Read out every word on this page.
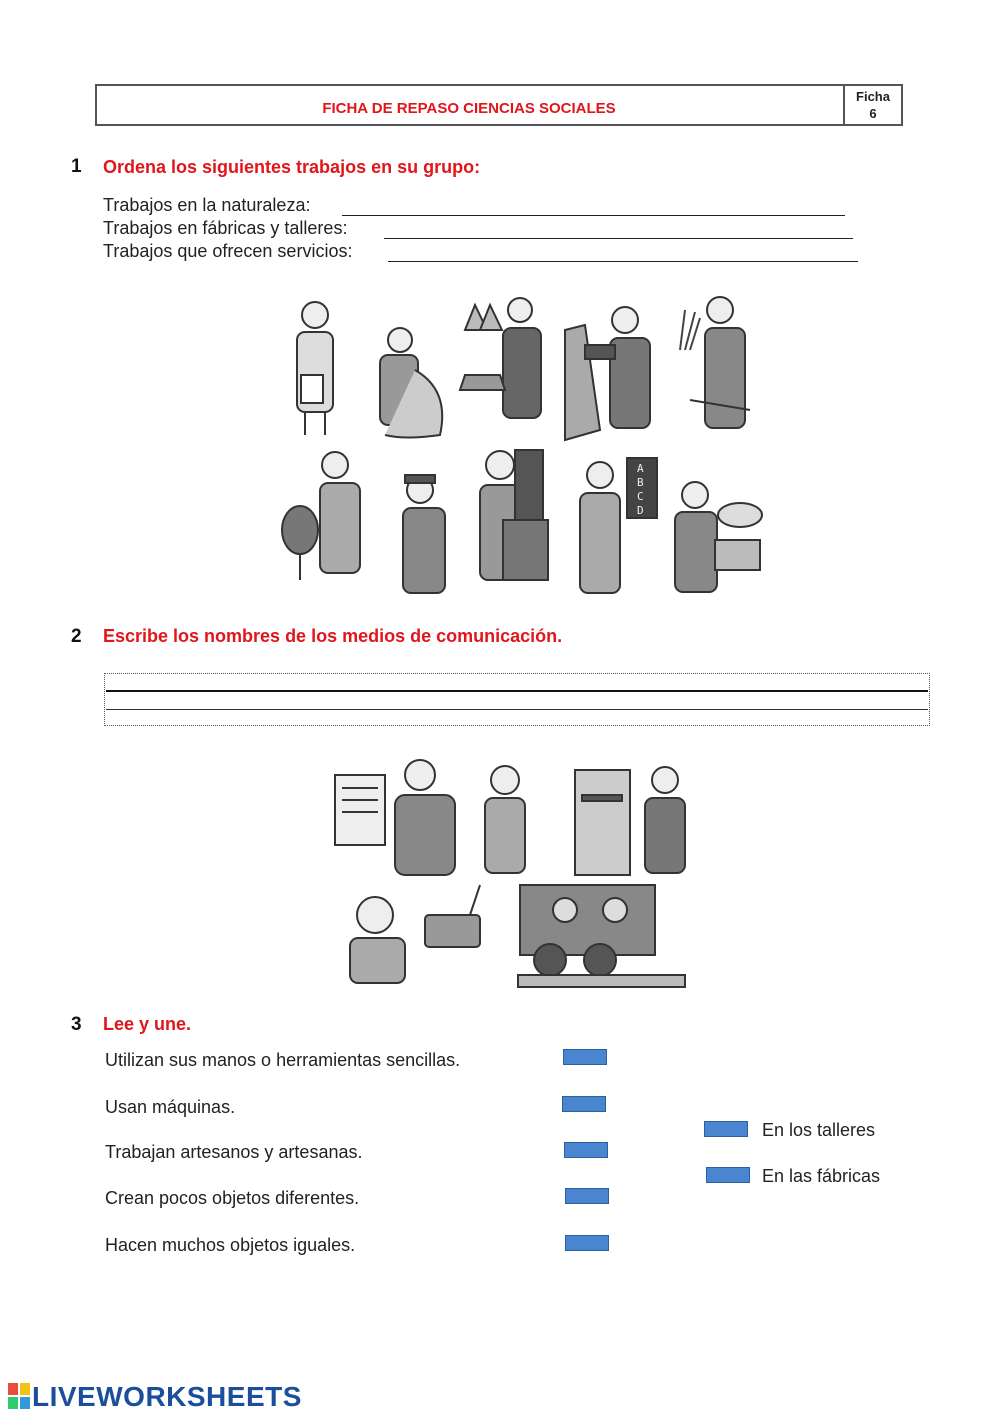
FICHA DE REPASO CIENCIAS SOCIALES
Ficha
6
1 Ordena los siguientes trabajos en su grupo:
Trabajos en la naturaleza:
Trabajos en fábricas y talleres:
Trabajos que ofrecen servicios:
A
B
C
D
2 Escribe los nombres de los medios de comunicación.
3 Lee y une.
Utilizan sus manos o herramientas sencillas.
Usan máquinas.
Trabajan artesanos y artesanas.
Crean pocos objetos diferentes.
Hacen muchos objetos iguales.
En los talleres
En las fábricas
LIVEWORKSHEETS
